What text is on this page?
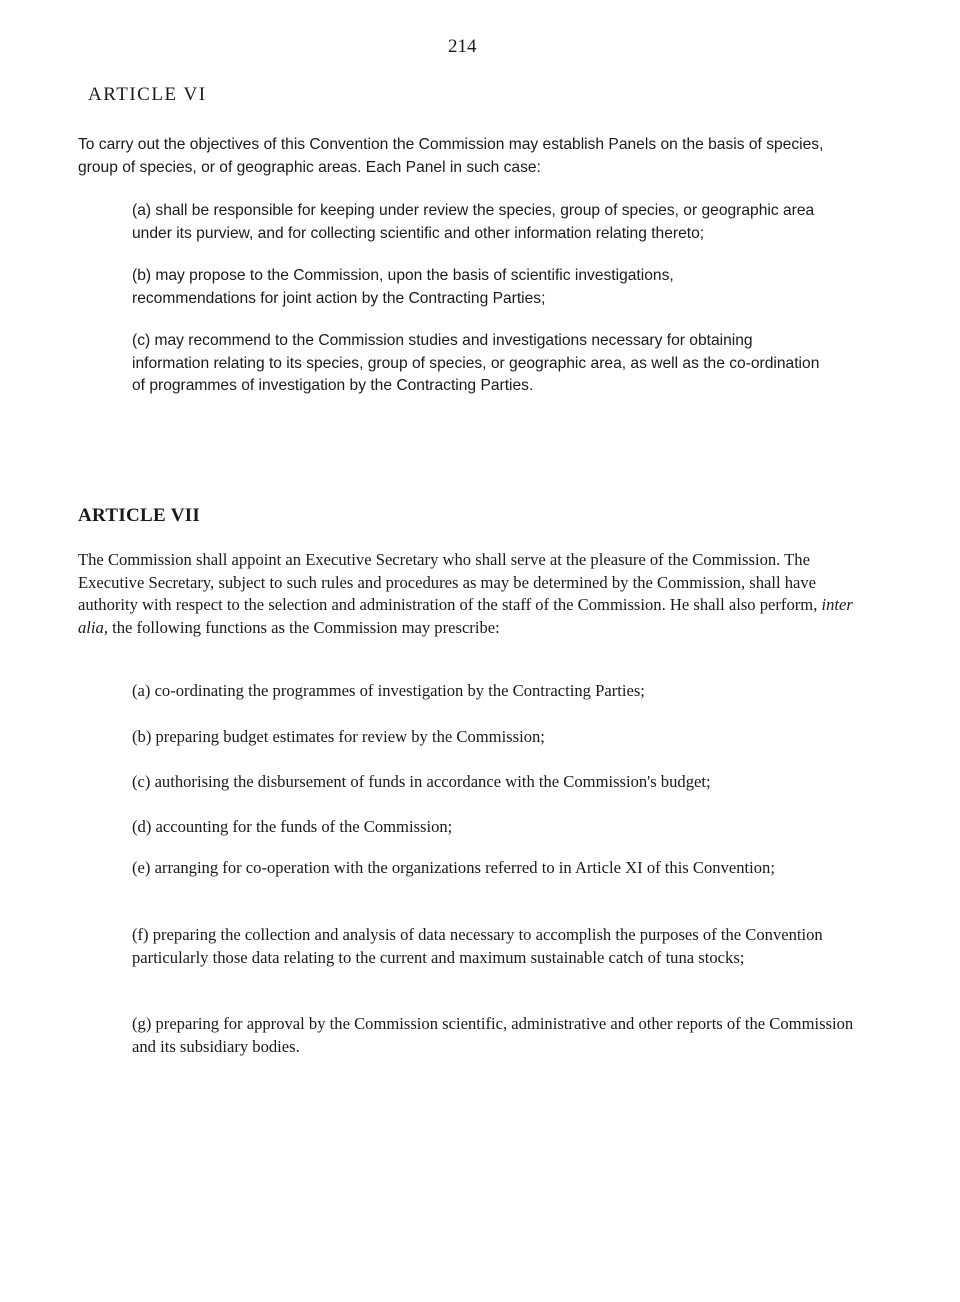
214
ARTICLE VI

To carry out the objectives of this Convention the Commission may establish Panels on the basis of species, group of species, or of geographic areas. Each Panel in such case:

(a) shall be responsible for keeping under review the species, group of species, or geographic area under its purview, and for collecting scientific and other information relating thereto;

(b) may propose to the Commission, upon the basis of scientific investigations, recommendations for joint action by the Contracting Parties;

(c) may recommend to the Commission studies and investigations necessary for obtaining information relating to its species, group of species, or geographic area, as well as the co-ordination of programmes of investigation by the Contracting Parties.

ARTICLE VII

The Commission shall appoint an Executive Secretary who shall serve at the pleasure of the Commission. The Executive Secretary, subject to such rules and procedures as may be determined by the Commission, shall have authority with respect to the selection and administration of the staff of the Commission. He shall also perform, inter alia, the following functions as the Commission may prescribe:

(a) co-ordinating the programmes of investigation by the Contracting Parties;

(b) preparing budget estimates for review by the Commission;

(c) authorising the disbursement of funds in accordance with the Commission's budget;

(d) accounting for the funds of the Commission;

(e) arranging for co-operation with the organizations referred to in Article XI of this Convention;

(f) preparing the collection and analysis of data necessary to accomplish the purposes of the Convention particularly those data relating to the current and maximum sustainable catch of tuna stocks;

(g) preparing for approval by the Commission scientific, administrative and other reports of the Commission and its subsidiary bodies.
